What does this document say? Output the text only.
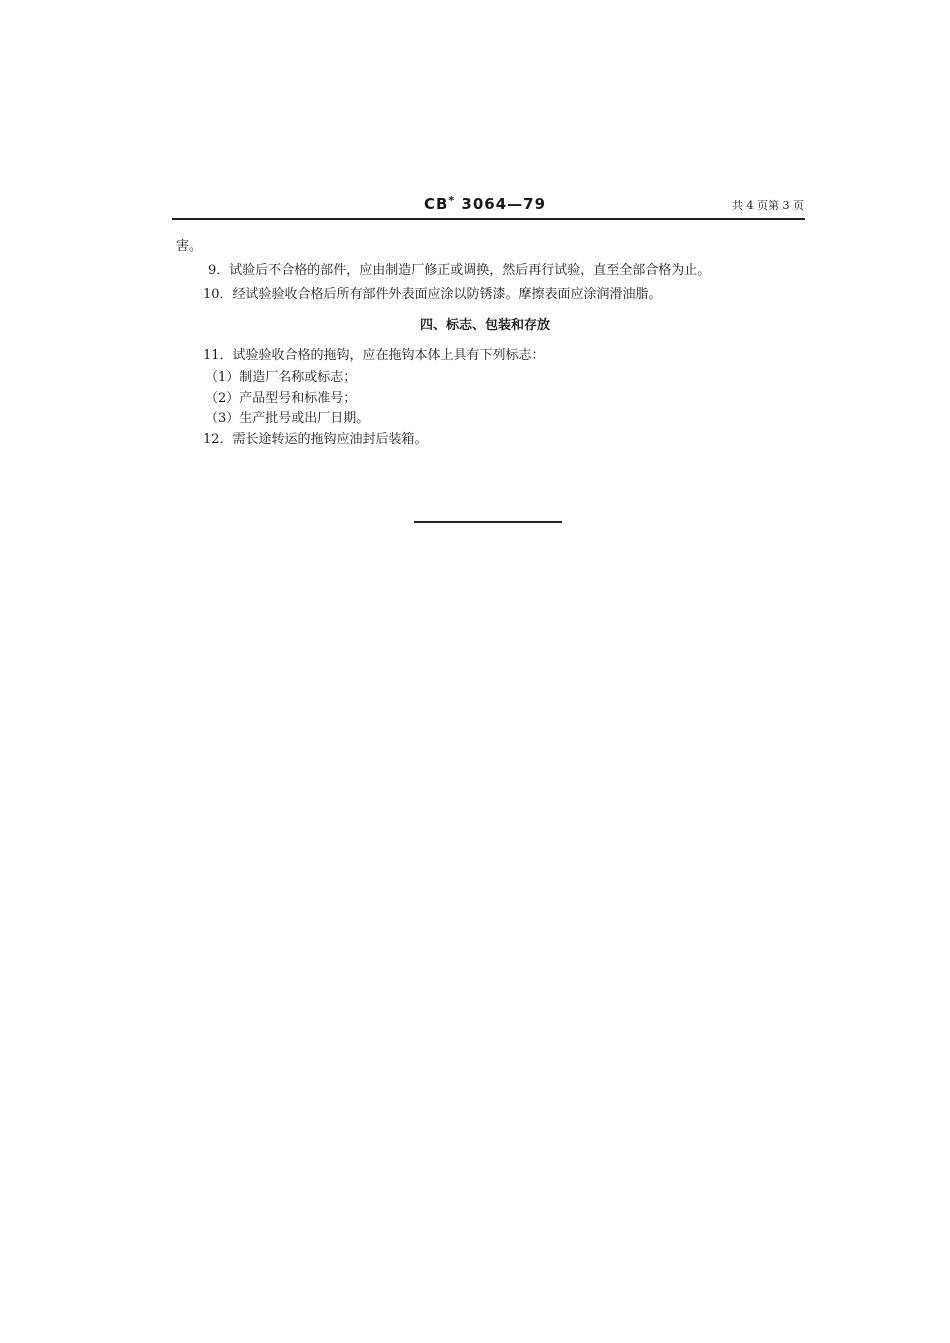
CB* 3064—79	共 4 页第 3 页
害。
9．试验后不合格的部件，应由制造厂修正或调换，然后再行试验，直至全部合格为止。
10．经试验验收合格后所有部件外表面应涂以防锈漆。摩擦表面应涂润滑油脂。
四、标志、包装和存放
11．试验验收合格的拖钩，应在拖钩本体上具有下列标志：
（1）制造厂名称或标志；
（2）产品型号和标准号；
（3）生产批号或出厂日期。
12．需长途转运的拖钩应油封后装箱。
